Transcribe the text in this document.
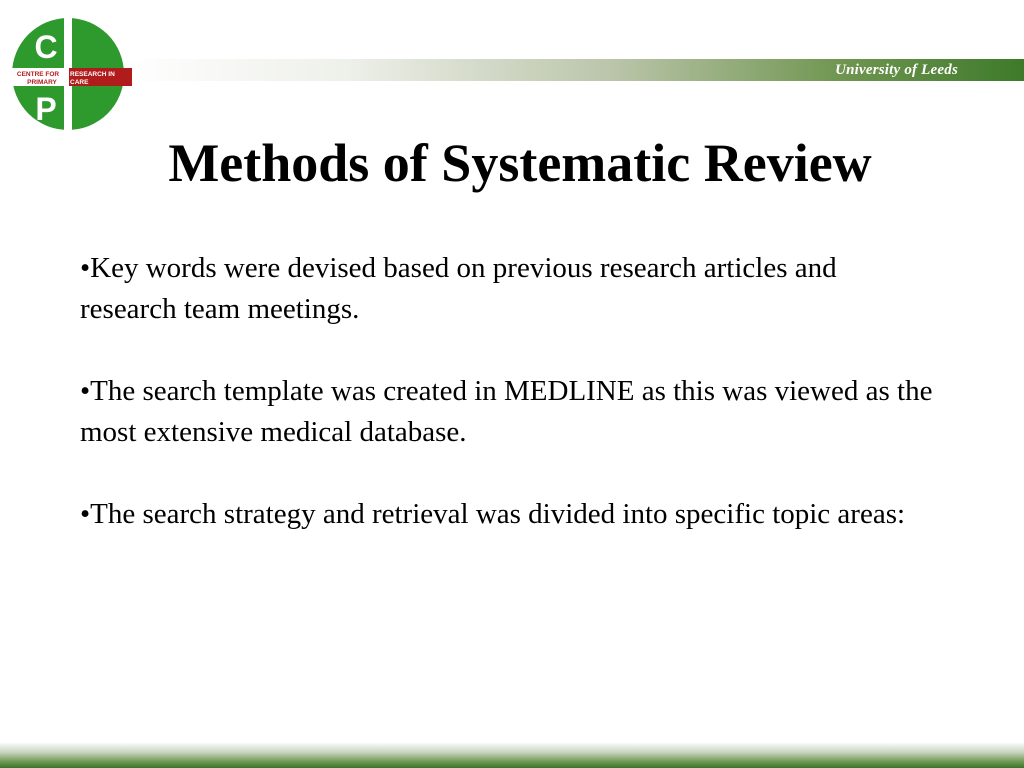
University of Leeds
C R
P C
CENTRE FOR
PRIMARY
RESEARCH IN
CARE
Methods of Systematic Review

•Key words were devised based on previous research articles and research team meetings.

•The search template was created in MEDLINE as this was viewed as the most extensive medical database.

•The search strategy and retrieval was divided into specific topic areas:
